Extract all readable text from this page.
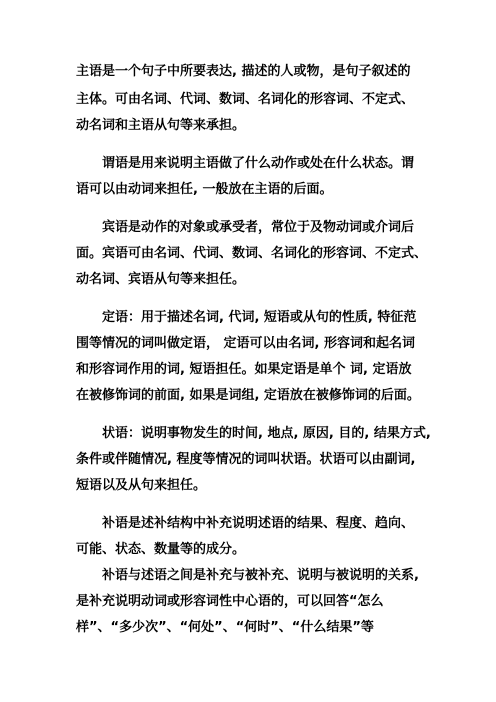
主语是一个句子中所要表达, 描述的人或物，是句子叙述的
主体。可由名词、代词、数词、名词化的形容词、不定式、
动名词和主语从句等来承担。
谓语是用来说明主语做了什么动作或处在什么状态。谓
语可以由动词来担任, 一般放在主语的后面。
宾语是动作的对象或承受者，常位于及物动词或介词后
面。宾语可由名词、代词、数词、名词化的形容词、不定式、
动名词、宾语从句等来担任。
定语：用于描述名词, 代词, 短语或从句的性质, 特征范
围等情况的词叫做定语， 定语可以由名词, 形容词和起名词
和形容词作用的词, 短语担任。如果定语是单个 词, 定语放
在被修饰词的前面, 如果是词组, 定语放在被修饰词的后面。
状语：说明事物发生的时间, 地点, 原因, 目的, 结果方式,
条件或伴随情况, 程度等情况的词叫状语。状语可以由副词,
短语以及从句来担任。
补语是述补结构中补充说明述语的结果、程度、趋向、
可能、状态、数量等的成分。
补语与述语之间是补充与被补充、说明与被说明的关系,
是补充说明动词或形容词性中心语的，可以回答“怎么
样”、“多少次”、“何处”、“何时”、“什么结果”等
